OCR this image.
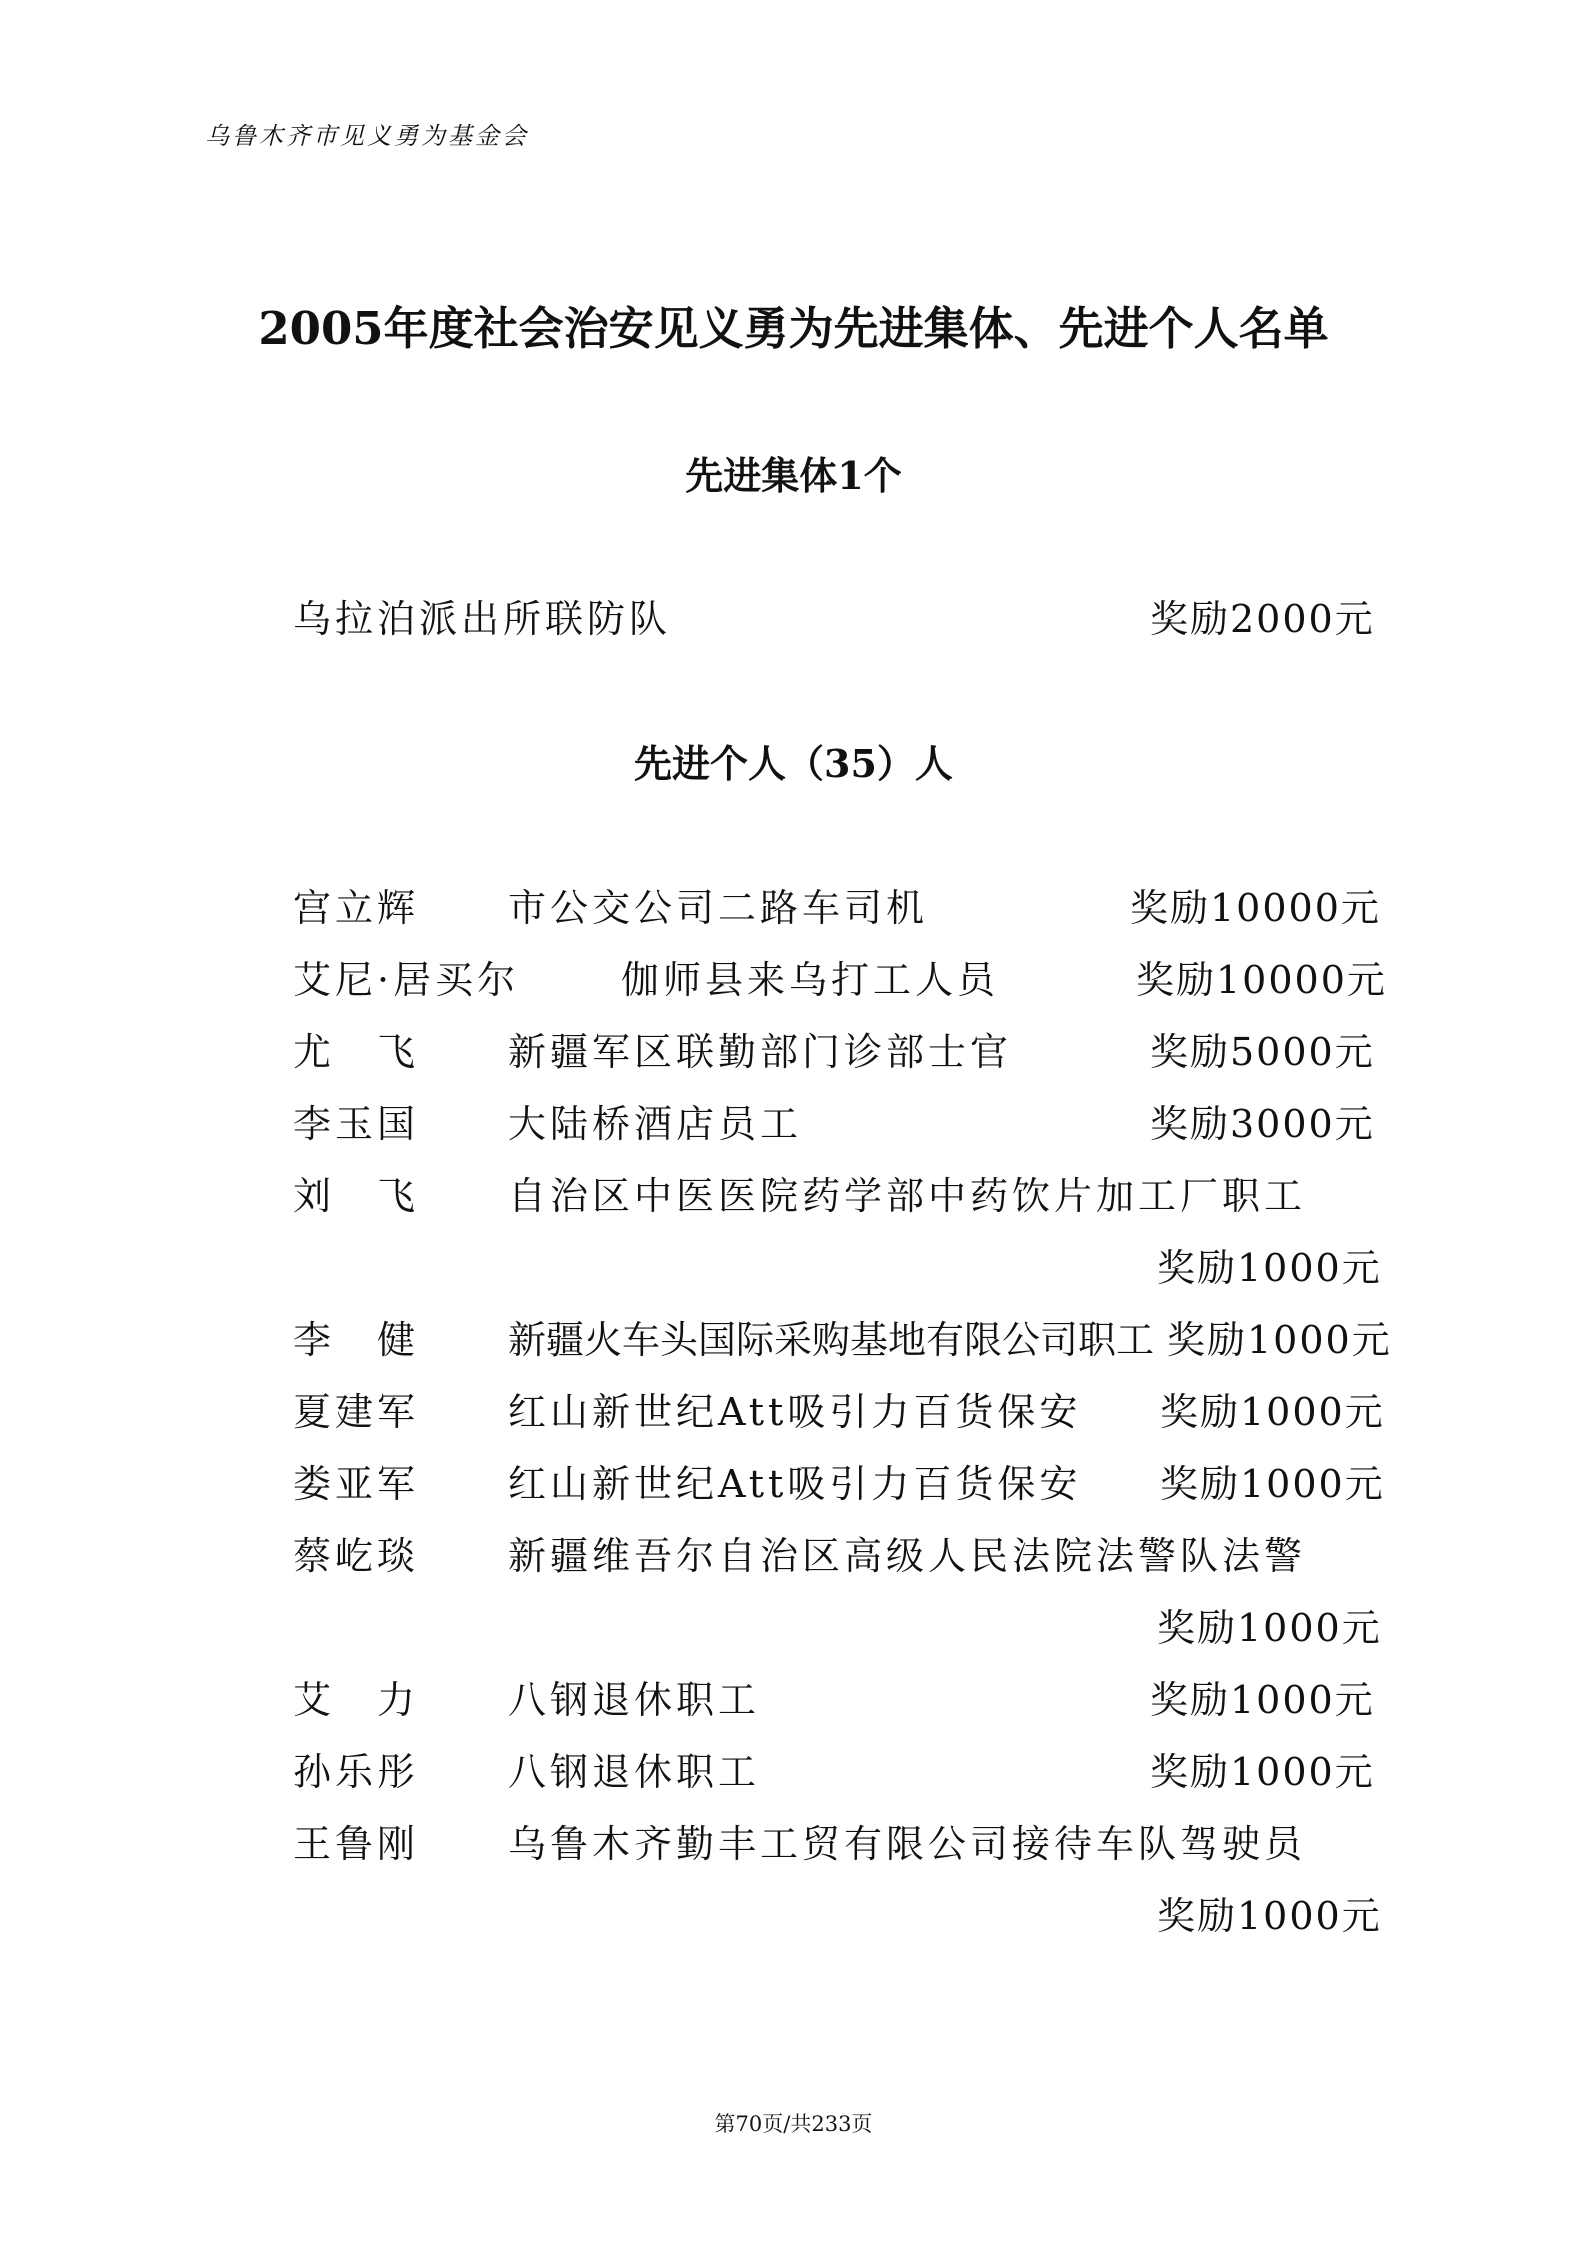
乌鲁木齐市见义勇为基金会
2005年度社会治安见义勇为先进集体、先进个人名单
先进集体1个
乌拉泊派出所联防队	奖励2000元
先进个人（35）人
宫立辉 市公交公司二路车司机	奖励10000元
艾尼·居买尔	伽师县来乌打工人员	奖励10000元
尤　飞 新疆军区联勤部门诊部士官	奖励5000元
李玉国 大陆桥酒店员工	奖励3000元
刘　飞 自治区中医医院药学部中药饮片加工厂职工
奖励1000元
李　健 新疆火车头国际采购基地有限公司职工 奖励1000元
夏建军 红山新世纪Att吸引力百货保安 奖励1000元
娄亚军 红山新世纪Att吸引力百货保安 奖励1000元
蔡屹琰 新疆维吾尔自治区高级人民法院法警队法警
奖励1000元
艾　力 八钢退休职工	奖励1000元
孙乐彤 八钢退休职工	奖励1000元
王鲁刚 乌鲁木齐勤丰工贸有限公司接待车队驾驶员
奖励1000元
第70页/共233页
